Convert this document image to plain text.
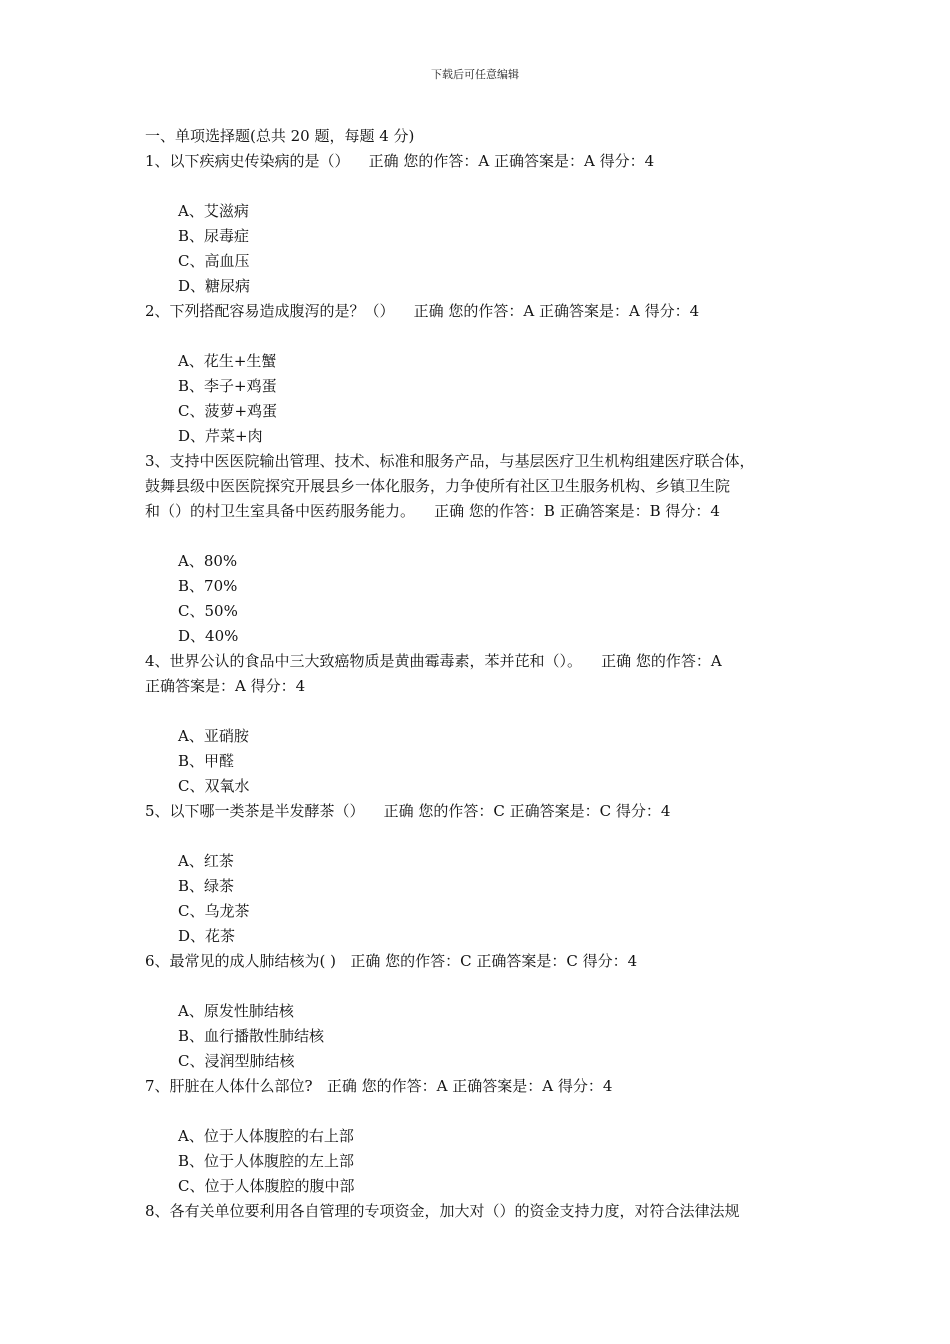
下载后可任意编辑
一、单项选择题(总共 20 题，每题 4 分)
1、以下疾病史传染病的是（）    正确 您的作答：A 正确答案是：A 得分：4
A、艾滋病
B、尿毒症
C、高血压
D、糖尿病
2、下列搭配容易造成腹泻的是？（）    正确 您的作答：A 正确答案是：A 得分：4
A、花生+生蟹
B、李子+鸡蛋
C、菠萝+鸡蛋
D、芹菜+肉
3、支持中医医院输出管理、技术、标准和服务产品，与基层医疗卫生机构组建医疗联合体，
鼓舞县级中医医院探究开展县乡一体化服务，力争使所有社区卫生服务机构、乡镇卫生院
和（）的村卫生室具备中医药服务能力。    正确 您的作答：B 正确答案是：B 得分：4
A、80%
B、70%
C、50%
D、40%
4、世界公认的食品中三大致癌物质是黄曲霉毒素，苯并芘和（）。    正确 您的作答：A
正确答案是：A 得分：4
A、亚硝胺
B、甲醛
C、双氧水
5、以下哪一类茶是半发酵茶（）    正确 您的作答：C 正确答案是：C 得分：4
A、红茶
B、绿茶
C、乌龙茶
D、花茶
6、最常见的成人肺结核为( )   正确 您的作答：C 正确答案是：C 得分：4
A、原发性肺结核
B、血行播散性肺结核
C、浸润型肺结核
7、肝脏在人体什么部位?   正确 您的作答：A 正确答案是：A 得分：4
A、位于人体腹腔的右上部
B、位于人体腹腔的左上部
C、位于人体腹腔的腹中部
8、各有关单位要利用各自管理的专项资金，加大对（）的资金支持力度，对符合法律法规
